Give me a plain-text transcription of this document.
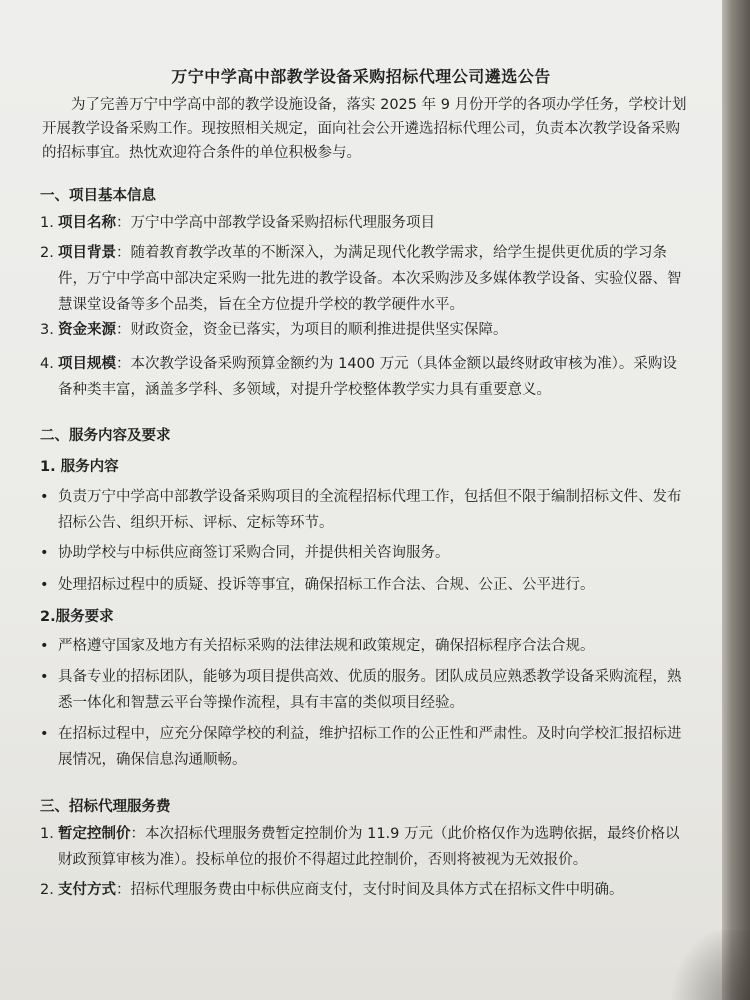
万宁中学高中部教学设备采购招标代理公司遴选公告

为了完善万宁中学高中部的教学设施设备，落实 2025 年 9 月份开学的各项办学任务，学校计划开展教学设备采购工作。现按照相关规定，面向社会公开遴选招标代理公司，负责本次教学设备采购的招标事宜。热忱欢迎符合条件的单位积极参与。

一、项目基本信息
1. 项目名称：万宁中学高中部教学设备采购招标代理服务项目
2. 项目背景：随着教育教学改革的不断深入，为满足现代化教学需求，给学生提供更优质的学习条件，万宁中学高中部决定采购一批先进的教学设备。本次采购涉及多媒体教学设备、实验仪器、智慧课堂设备等多个品类，旨在全方位提升学校的教学硬件水平。
3. 资金来源：财政资金，资金已落实，为项目的顺利推进提供坚实保障。
4. 项目规模：本次教学设备采购预算金额约为 1400 万元（具体金额以最终财政审核为准）。采购设备种类丰富，涵盖多学科、多领域，对提升学校整体教学实力具有重要意义。
二、服务内容及要求
1. 服务内容
• 负责万宁中学高中部教学设备采购项目的全流程招标代理工作，包括但不限于编制招标文件、发布招标公告、组织开标、评标、定标等环节。
• 协助学校与中标供应商签订采购合同，并提供相关咨询服务。
• 处理招标过程中的质疑、投诉等事宜，确保招标工作合法、合规、公正、公平进行。
2.服务要求
• 严格遵守国家及地方有关招标采购的法律法规和政策规定，确保招标程序合法合规。
• 具备专业的招标团队，能够为项目提供高效、优质的服务。团队成员应熟悉教学设备采购流程，熟悉一体化和智慧云平台等操作流程，具有丰富的类似项目经验。
• 在招标过程中，应充分保障学校的利益，维护招标工作的公正性和严肃性。及时向学校汇报招标进展情况，确保信息沟通顺畅。
三、招标代理服务费
1. 暂定控制价：本次招标代理服务费暂定控制价为 11.9 万元（此价格仅作为选聘依据，最终价格以财政预算审核为准）。投标单位的报价不得超过此控制价，否则将被视为无效报价。
2. 支付方式：招标代理服务费由中标供应商支付，支付时间及具体方式在招标文件中明确。
